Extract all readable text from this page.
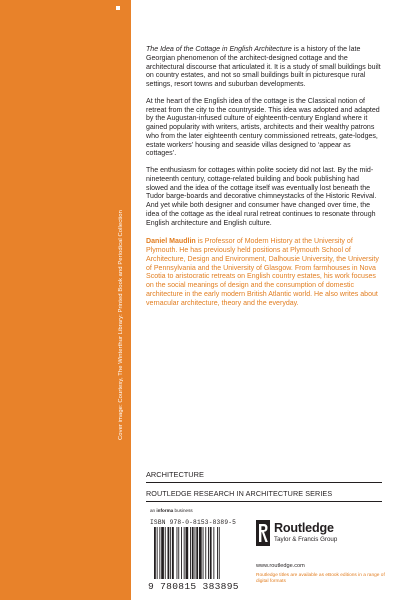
Cover image: Courtesy, The Winterthur Library: Printed Book and Periodical Collection

The Idea of the Cottage in English Architecture is a history of the late Georgian phenomenon of the architect-designed cottage and the architectural discourse that articulated it. It is a study of small buildings built on country estates, and not so small buildings built in picturesque rural settings, resort towns and suburban developments.

At the heart of the English idea of the cottage is the Classical notion of retreat from the city to the countryside. This idea was adopted and adapted by the Augustan-infused culture of eighteenth-century England where it gained popularity with writers, artists, architects and their wealthy patrons who from the later eighteenth century commissioned retreats, gate-lodges, estate workers’ housing and seaside villas designed to ‘appear as cottages’.

The enthusiasm for cottages within polite society did not last. By the mid-nineteenth century, cottage-related building and book publishing had slowed and the idea of the cottage itself was eventually lost beneath the Tudor barge-boards and decorative chimneystacks of the Historic Revival. And yet while both designer and consumer have changed over time, the idea of the cottage as the ideal rural retreat continues to resonate through English architecture and English culture.

Daniel Maudlin is Professor of Modern History at the University of Plymouth. He has previously held positions at Plymouth School of Architecture, Design and Environment, Dalhousie University, the University of Pennsylvania and the University of Glasgow. From farmhouses in Nova Scotia to aristocratic retreats on English country estates, his work focuses on the social meanings of design and the consumption of domestic architecture in the early modern British Atlantic world. He also writes about vernacular architecture, theory and the everyday.

ARCHITECTURE
ROUTLEDGE RESEARCH IN ARCHITECTURE SERIES
an informa business
ISBN 978-0-8153-8389-5
9 780815 383895
Routledge
Taylor & Francis Group
www.routledge.com
Routledge titles are available as eBook editions in a range of digital formats
